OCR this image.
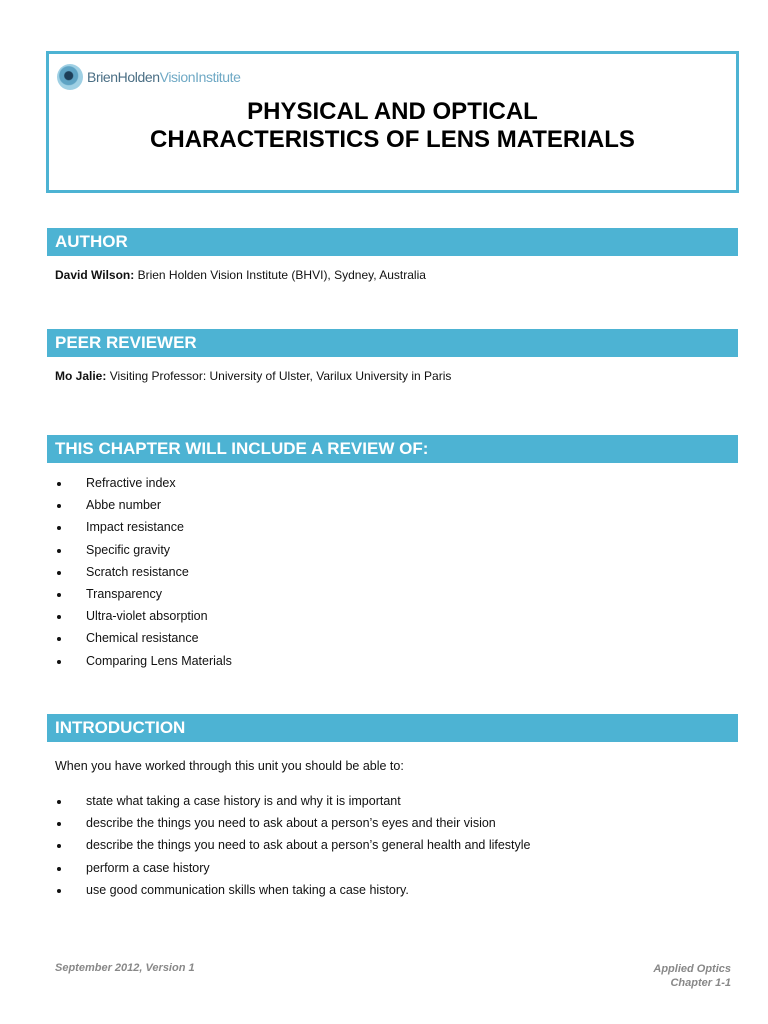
BrienHoldenVisionInstitute
PHYSICAL AND OPTICAL
CHARACTERISTICS OF LENS MATERIALS
AUTHOR
David Wilson: Brien Holden Vision Institute (BHVI), Sydney, Australia
PEER REVIEWER
Mo Jalie: Visiting Professor: University of Ulster, Varilux University in Paris
THIS CHAPTER WILL INCLUDE A REVIEW OF:
Refractive index
Abbe number
Impact resistance
Specific gravity
Scratch resistance
Transparency
Ultra-violet absorption
Chemical resistance
Comparing Lens Materials
INTRODUCTION
When you have worked through this unit you should be able to:
state what taking a case history is and why it is important
describe the things you need to ask about a person’s eyes and their vision
describe the things you need to ask about a person’s general health and lifestyle
perform a case history
use good communication skills when taking a case history.
September 2012, Version 1	Applied Optics
Chapter 1-1
